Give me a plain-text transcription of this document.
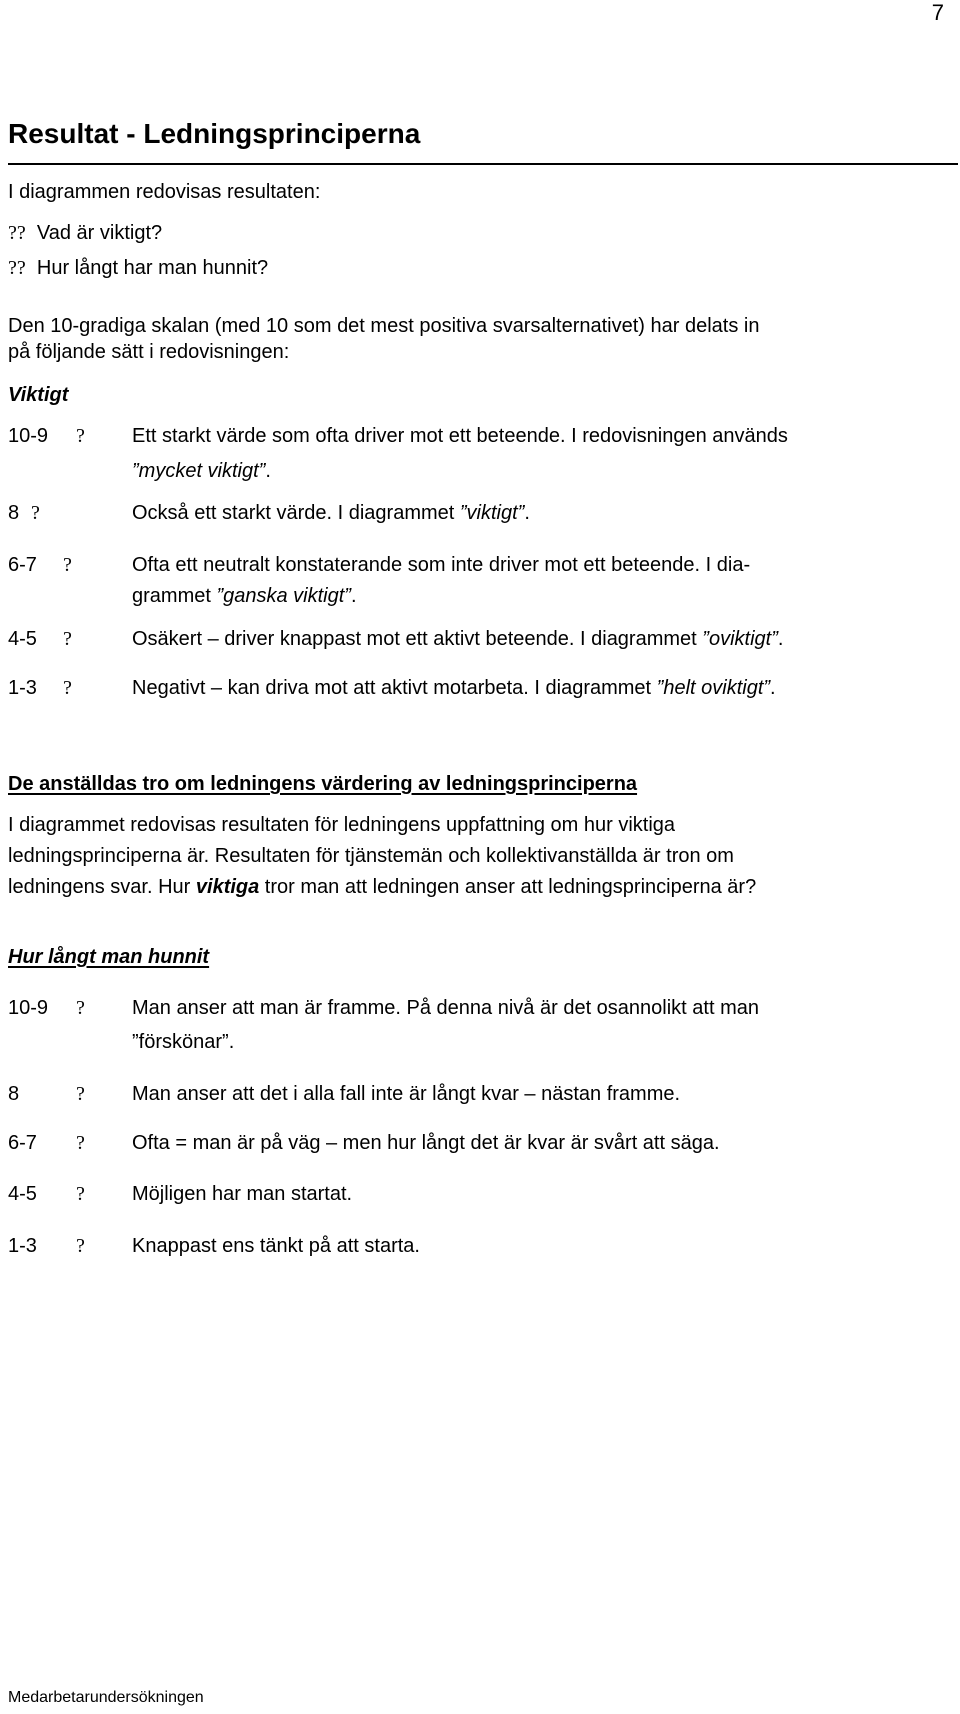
7
Resultat - Ledningsprinciperna
I diagrammen redovisas resultaten:
?? Vad är viktigt?
?? Hur långt har man hunnit?
Den 10-gradiga skalan (med 10 som det mest positiva svarsalternativet) har delats in
på följande sätt i redovisningen:
Viktigt
10-9 ? Ett starkt värde som ofta driver mot ett beteende. I redovisningen används
”mycket viktigt”.
8 ?	Också ett starkt värde. I diagrammet ”viktigt”.
6-7 ?	Ofta ett neutralt konstaterande som inte driver mot ett beteende. I dia-
grammet ”ganska viktigt”.
4-5 ?	Osäkert – driver knappast mot ett aktivt beteende. I diagrammet ”oviktigt”.
1-3 ?	Negativt – kan driva mot att aktivt motarbeta. I diagrammet ”helt oviktigt”.
De anställdas tro om ledningens värdering av ledningsprinciperna
I diagrammet redovisas resultaten för ledningens uppfattning om hur viktiga
ledningsprinciperna är. Resultaten för tjänstemän och kollektivanställda är tron om
ledningens svar. Hur viktiga tror man att ledningen anser att ledningsprinciperna är?
Hur långt man hunnit
10-9 ? Man anser att man är framme. På denna nivå är det osannolikt att man
”förskönar”.
8	? Man anser att det i alla fall inte är långt kvar – nästan framme.
6-7 ? Ofta = man är på väg – men hur långt det är kvar är svårt att säga.
4-5 ? Möjligen har man startat.
1-3 ? Knappast ens tänkt på att starta.
Medarbetarundersökningen
